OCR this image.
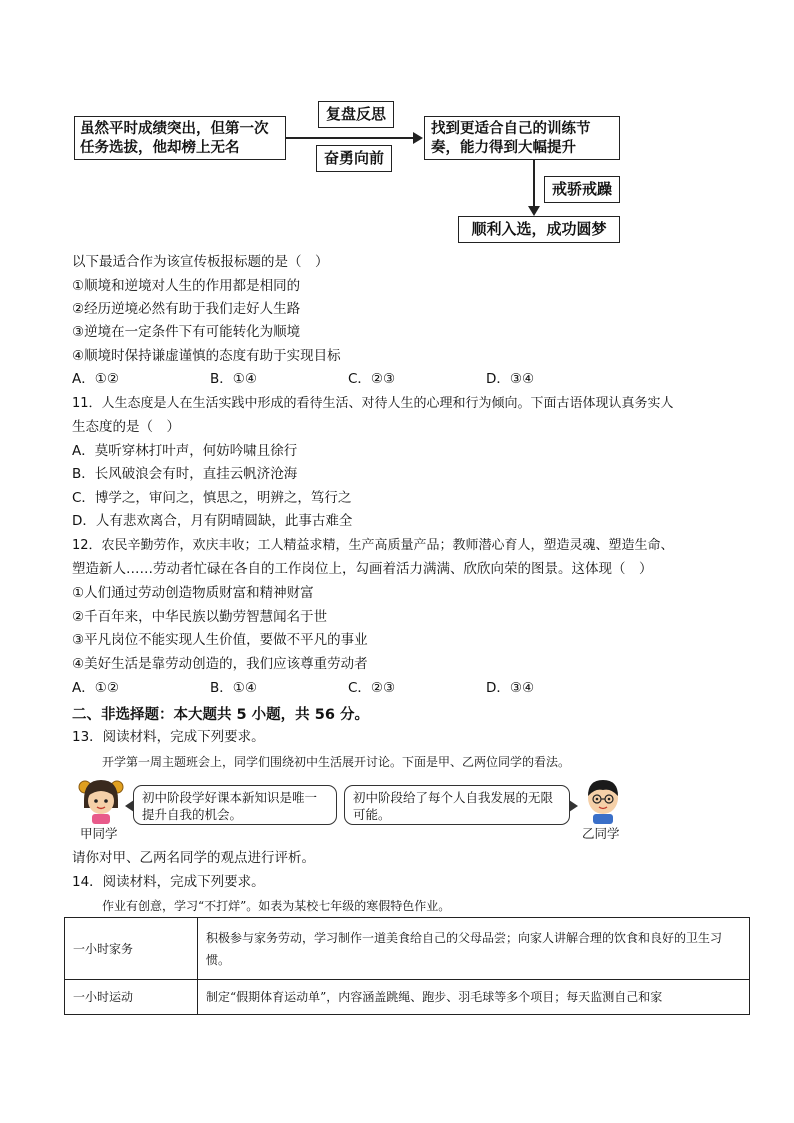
虽然平时成绩突出，但第一次任务选拔，他却榜上无名
复盘反思
奋勇向前
找到更适合自己的训练节奏，能力得到大幅提升
戒骄戒躁
顺利入选，成功圆梦
以下最适合作为该宣传板报标题的是（　）
①顺境和逆境对人生的作用都是相同的
②经历逆境必然有助于我们走好人生路
③逆境在一定条件下有可能转化为顺境
④顺境时保持谦虚谨慎的态度有助于实现目标
A．①②	B．①④	C．②③	D．③④
11．人生态度是人在生活实践中形成的看待生活、对待人生的心理和行为倾向。下面古语体现认真务实人
生态度的是（　）
A．莫听穿林打叶声，何妨吟啸且徐行
B．长风破浪会有时，直挂云帆济沧海
C．博学之，审问之，慎思之，明辨之，笃行之
D．人有悲欢离合，月有阴晴圆缺，此事古难全
12．农民辛勤劳作，欢庆丰收；工人精益求精，生产高质量产品；教师潜心育人，塑造灵魂、塑造生命、
塑造新人……劳动者忙碌在各自的工作岗位上，勾画着活力满满、欣欣向荣的图景。这体现（　）
①人们通过劳动创造物质财富和精神财富
②千百年来，中华民族以勤劳智慧闻名于世
③平凡岗位不能实现人生价值，要做不平凡的事业
④美好生活是靠劳动创造的，我们应该尊重劳动者
A．①②	B．①④	C．②③	D．③④
二、非选择题：本大题共 5 小题，共 56 分。
13．阅读材料，完成下列要求。
开学第一周主题班会上，同学们围绕初中生活展开讨论。下面是甲、乙两位同学的看法。
甲同学
初中阶段学好课本新知识是唯一提升自我的机会。
初中阶段给了每个人自我发展的无限可能。
乙同学
请你对甲、乙两名同学的观点进行评析。
14．阅读材料，完成下列要求。
作业有创意，学习“不打烊”。如表为某校七年级的寒假特色作业。
一小时家务	积极参与家务劳动，学习制作一道美食给自己的父母品尝；向家人讲解合理的饮食和良好的卫生习惯。
一小时运动	制定“假期体育运动单”，内容涵盖跳绳、跑步、羽毛球等多个项目；每天监测自己和家
